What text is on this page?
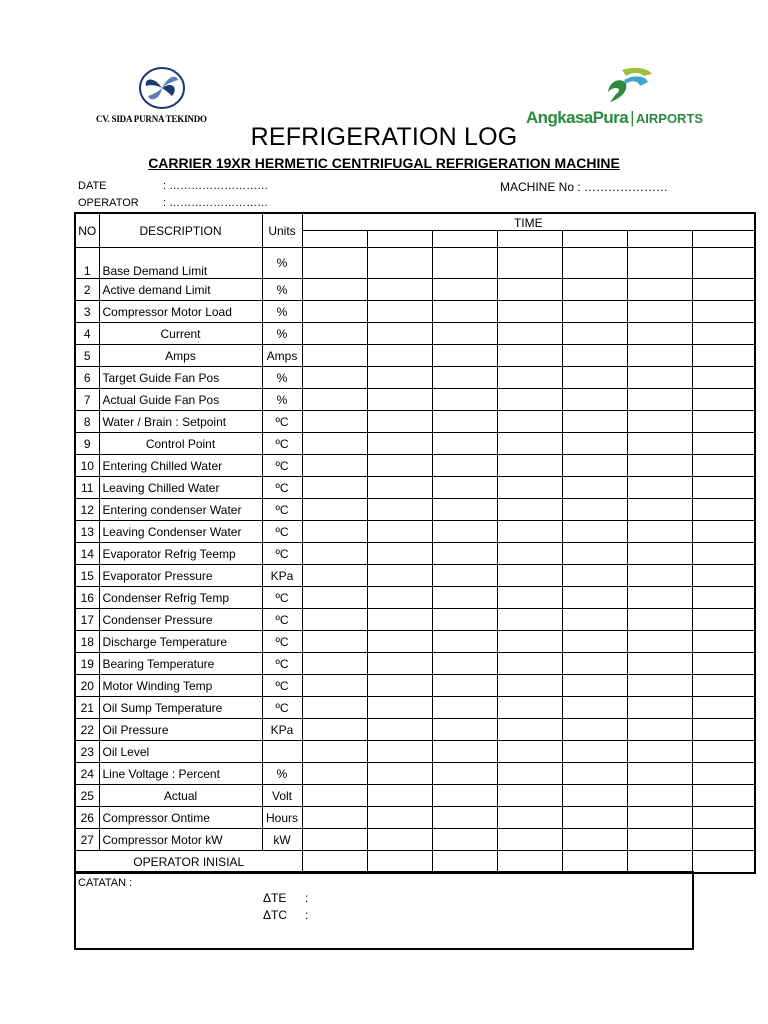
CV. SIDA PURNA TEKINDO	AngkasaPura | AIRPORTS
REFRIGERATION LOG
CARRIER 19XR HERMETIC CENTRIFUGAL REFRIGERATION MACHINE
DATE	: ………………………
OPERATOR : ………………………
MACHINE No : …………………
NO	DESCRIPTION	Units	TIME						

1	Base Demand Limit	%							
2	Active demand Limit	%							
3	Compressor Motor Load	%							
4	Current	%							
5	Amps	Amps							
6	Target Guide Fan Pos	%							
7	Actual Guide Fan Pos	%							
8	Water / Brain : Setpoint	ºC							
9	Control Point	ºC							
10	Entering Chilled Water	ºC							
11	Leaving Chilled Water	ºC							
12	Entering condenser Water	ºC							
13	Leaving Condenser Water	ºC							
14	Evaporator Refrig Teemp	ºC							
15	Evaporator Pressure	KPa							
16	Condenser Refrig Temp	ºC							
17	Condenser Pressure	ºC							
18	Discharge Temperature	ºC							
19	Bearing Temperature	ºC							
20	Motor Winding Temp	ºC							
21	Oil Sump Temperature	ºC							
22	Oil Pressure	KPa							
23	Oil Level								
24	Line Voltage : Percent	%							
25	Actual	Volt							
26	Compressor Ontime	Hours							
27	Compressor Motor kW	kW							
OPERATOR INISIAL									
CATATAN :
ΔTE :
ΔTC :
